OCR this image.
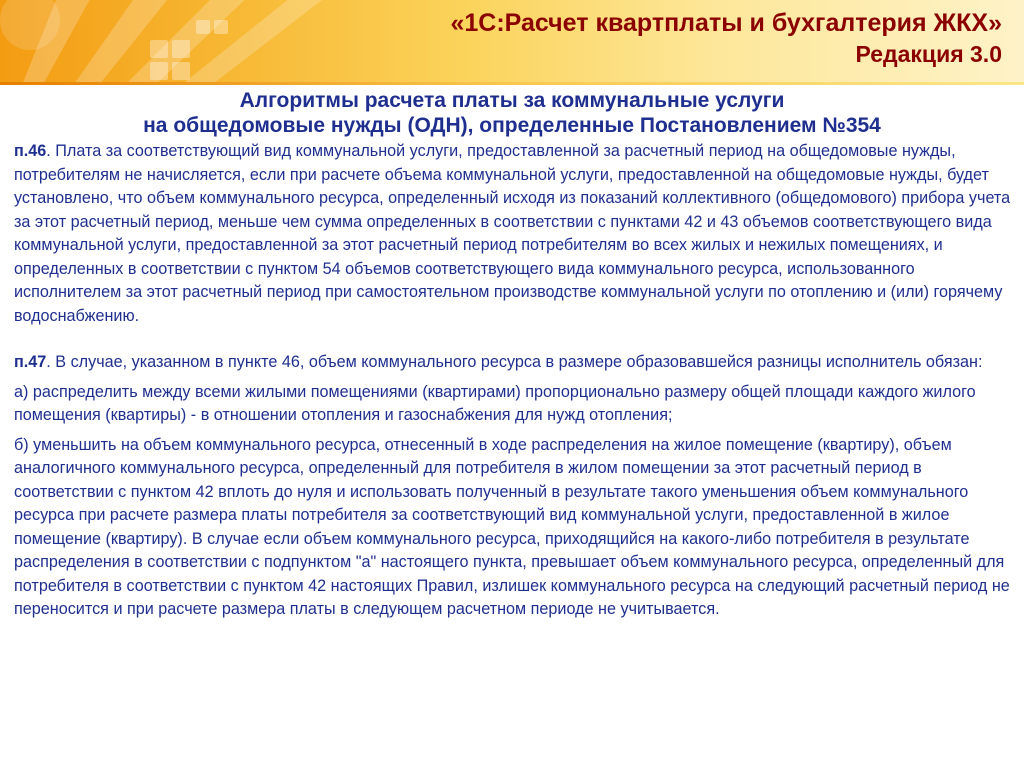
«1С:Расчет квартплаты и бухгалтерия ЖКХ»
Редакция 3.0
Алгоритмы расчета платы за коммунальные услуги
на общедомовые нужды (ОДН), определенные Постановлением №354

п.46. Плата за соответствующий вид коммунальной услуги, предоставленной за расчетный период на общедомовые нужды, потребителям не начисляется, если при расчете объема коммунальной услуги, предоставленной на общедомовые нужды, будет установлено, что объем коммунального ресурса, определенный исходя из показаний коллективного (общедомового) прибора учета за этот расчетный период, меньше чем сумма определенных в соответствии с пунктами 42 и 43 объемов соответствующего вида коммунальной услуги, предоставленной за этот расчетный период потребителям во всех жилых и нежилых помещениях, и определенных в соответствии с пунктом 54 объемов соответствующего вида коммунального ресурса, использованного исполнителем за этот расчетный период при самостоятельном производстве коммунальной услуги по отоплению и (или) горячему водоснабжению.

п.47. В случае, указанном в пункте 46, объем коммунального ресурса в размере образовавшейся разницы исполнитель обязан:

а) распределить между всеми жилыми помещениями (квартирами) пропорционально размеру общей площади каждого жилого помещения (квартиры) - в отношении отопления и газоснабжения для нужд отопления;

б) уменьшить на объем коммунального ресурса, отнесенный в ходе распределения на жилое помещение (квартиру), объем аналогичного коммунального ресурса, определенный для потребителя в жилом помещении за этот расчетный период в соответствии с пунктом 42 вплоть до нуля и использовать полученный в результате такого уменьшения объем коммунального ресурса при расчете размера платы потребителя за соответствующий вид коммунальной услуги, предоставленной в жилое помещение (квартиру). В случае если объем коммунального ресурса, приходящийся на какого-либо потребителя в результате распределения в соответствии с подпунктом "а" настоящего пункта, превышает объем коммунального ресурса, определенный для потребителя в соответствии с пунктом 42 настоящих Правил, излишек коммунального ресурса на следующий расчетный период не переносится и при расчете размера платы в следующем расчетном периоде не учитывается.
